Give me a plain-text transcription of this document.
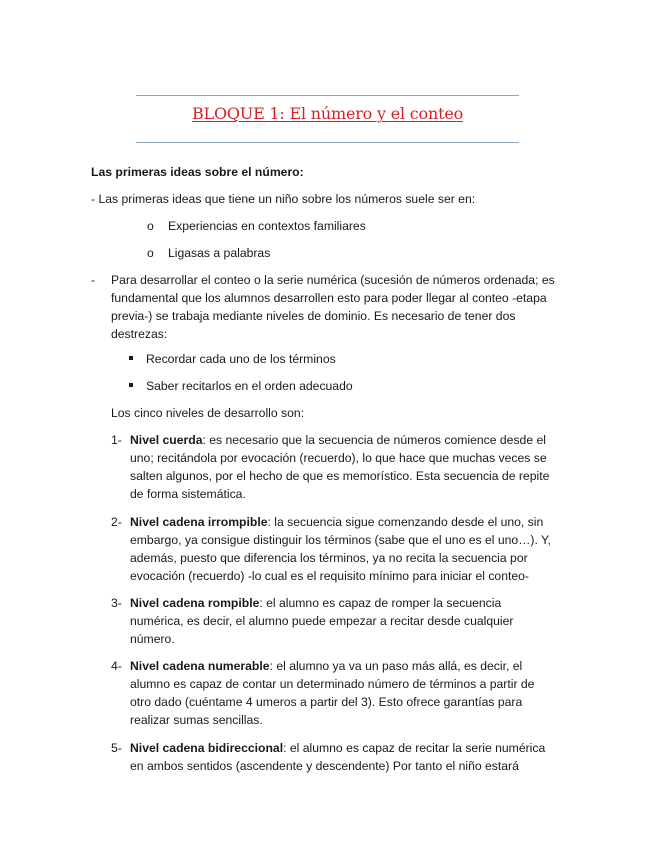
BLOQUE 1: El número y el conteo
Las primeras ideas sobre el número:
- Las primeras ideas que tiene un niño sobre los números suele ser en:
o Experiencias en contextos familiares
o Ligasas a palabras
- Para desarrollar el conteo o la serie numérica (sucesión de números ordenada; es
fundamental que los alumnos desarrollen esto para poder llegar al conteo -etapa
previa-) se trabaja mediante niveles de dominio. Es necesario de tener dos
destrezas:
Recordar cada uno de los términos
Saber recitarlos en el orden adecuado
Los cinco niveles de desarrollo son:
1- Nivel cuerda: es necesario que la secuencia de números comience desde el
uno; recitándola por evocación (recuerdo), lo que hace que muchas veces se
salten algunos, por el hecho de que es memorístico. Esta secuencia de repite
de forma sistemática.
2- Nivel cadena irrompible: la secuencia sigue comenzando desde el uno, sin
embargo, ya consigue distinguir los términos (sabe que el uno es el uno…). Y,
además, puesto que diferencia los términos, ya no recita la secuencia por
evocación (recuerdo) -lo cual es el requisito mínimo para iniciar el conteo-
3- Nivel cadena rompible: el alumno es capaz de romper la secuencia
numérica, es decir, el alumno puede empezar a recitar desde cualquier
número.
4- Nivel cadena numerable: el alumno ya va un paso más allá, es decir, el
alumno es capaz de contar un determinado número de términos a partir de
otro dado (cuéntame 4 umeros a partir del 3). Esto ofrece garantías para
realizar sumas sencillas.
5- Nivel cadena bidireccional: el alumno es capaz de recitar la serie numérica
en ambos sentidos (ascendente y descendente) Por tanto el niño estará
